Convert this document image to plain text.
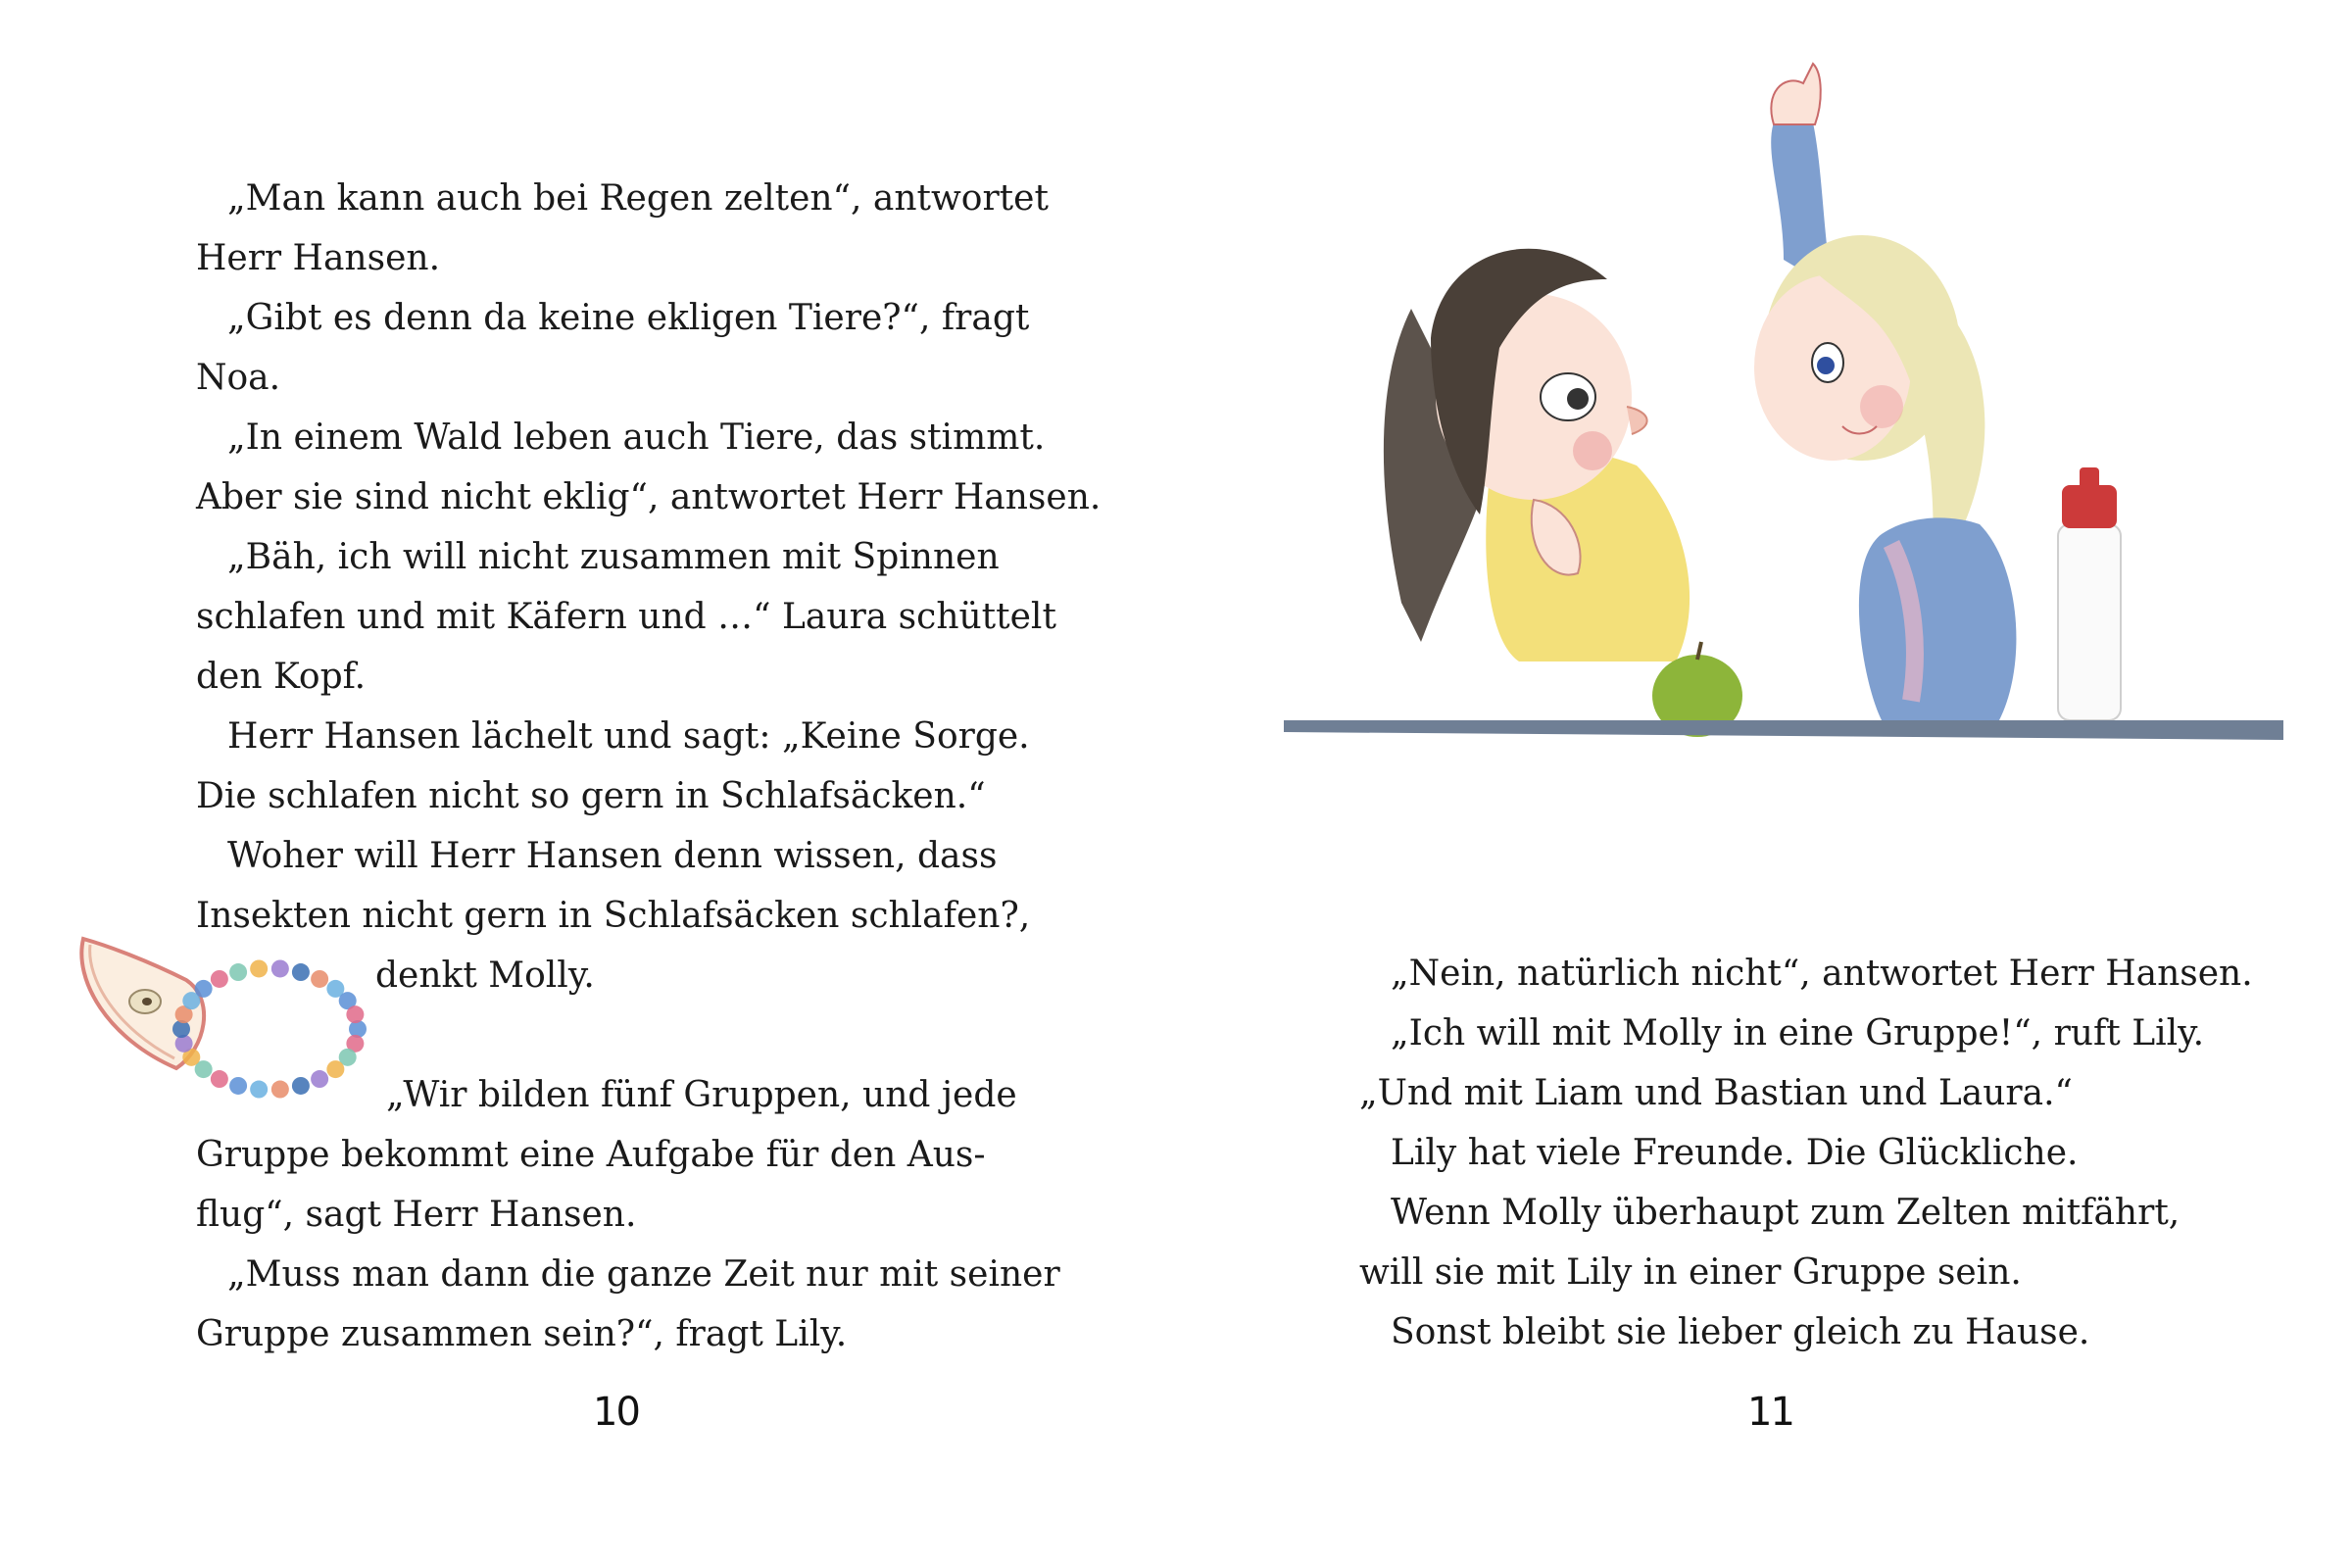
„Man kann auch bei Regen zelten“, antwortet
Herr Hansen.
„Gibt es denn da keine ekligen Tiere?“, fragt
Noa.
„In einem Wald leben auch Tiere, das stimmt.
Aber sie sind nicht eklig“, antwortet Herr Hansen.
„Bäh, ich will nicht zusammen mit Spinnen
schlafen und mit Käfern und …“ Laura schüttelt
den Kopf.
Herr Hansen lächelt und sagt: „Keine Sorge.
Die schlafen nicht so gern in Schlafsäcken.“
Woher will Herr Hansen denn wissen, dass
Insekten nicht gern in Schlafsäcken schlafen?,
denkt Molly.
„Wir bilden fünf Gruppen, und jede
Gruppe bekommt eine Aufgabe für den Aus-
flug“, sagt Herr Hansen.
„Muss man dann die ganze Zeit nur mit seiner
Gruppe zusammen sein?“, fragt Lily.
„Nein, natürlich nicht“, antwortet Herr Hansen.
„Ich will mit Molly in eine Gruppe!“, ruft Lily.
„Und mit Liam und Bastian und Laura.“
Lily hat viele Freunde. Die Glückliche.
Wenn Molly überhaupt zum Zelten mitfährt,
will sie mit Lily in einer Gruppe sein.
Sonst bleibt sie lieber gleich zu Hause.
10	11
